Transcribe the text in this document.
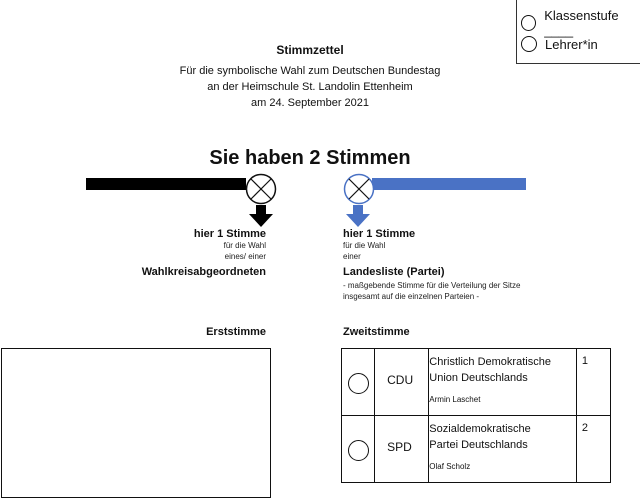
Klassenstufe ____
Lehrer*in
Stimmzettel
Für die symbolische Wahl zum Deutschen Bundestag
an der Heimschule St. Landolin Ettenheim
am 24. September 2021
Sie haben 2 Stimmen
hier 1 Stimme
für die Wahl
eines/ einer
Wahlkreisabgeordneten
hier 1 Stimme
für die Wahl
einer
Landesliste (Partei)
- maßgebende Stimme für die Verteilung der Sitze
insgesamt auf die einzelnen Parteien -
Erststimme	Zweitstimme

	CDU	Christlich Demokratische
Union Deutschlands
Armin Laschet	1

	SPD	Sozialdemokratische
Partei Deutschlands
Olaf Scholz	2
